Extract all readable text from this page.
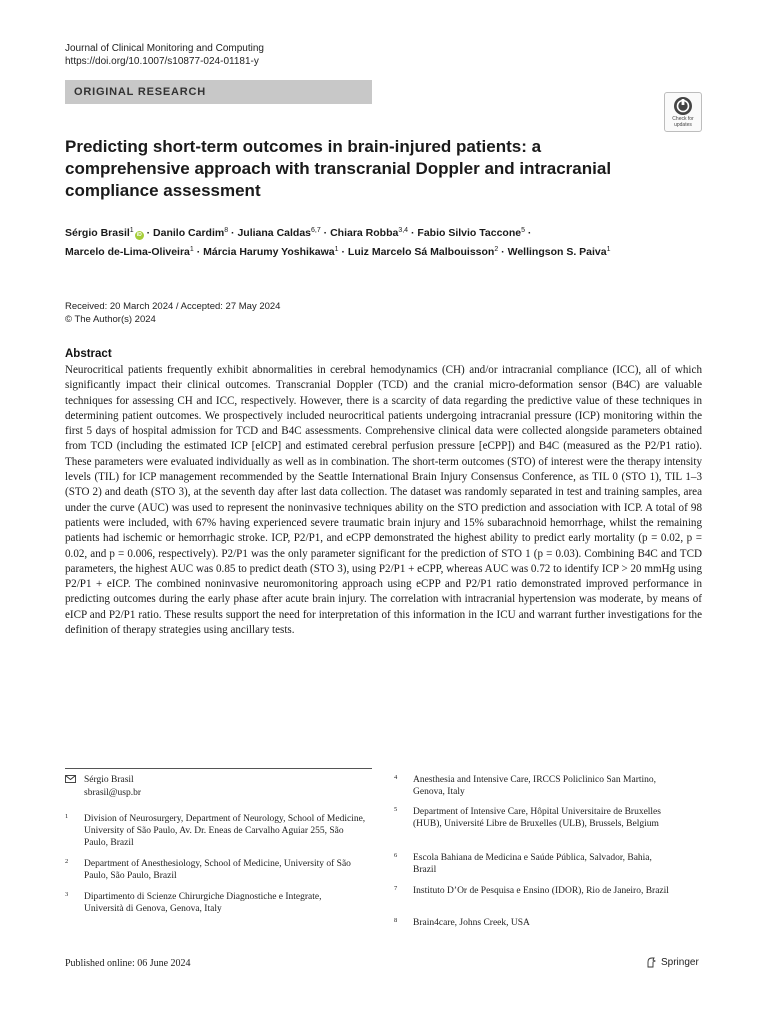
Journal of Clinical Monitoring and Computing
https://doi.org/10.1007/s10877-024-01181-y
ORIGINAL RESEARCH
Check for
updates
Predicting short-term outcomes in brain-injured patients: a comprehensive approach with transcranial Doppler and intracranial compliance assessment
Sérgio Brasil$^1$iD · Danilo Cardim$^8$ · Juliana Caldas$^{6,7}$ · Chiara Robba$^{3,4}$ · Fabio Silvio Taccone$^5$ ·
Marcelo de-Lima-Oliveira$^1$ · Márcia Harumy Yoshikawa$^1$ · Luiz Marcelo Sá Malbouisson$^2$ · Wellingson S. Paiva$^1$
Received: 20 March 2024 / Accepted: 27 May 2024
© The Author(s) 2024
Abstract

Neurocritical patients frequently exhibit abnormalities in cerebral hemodynamics (CH) and/or intracranial compliance (ICC), all of which significantly impact their clinical outcomes. Transcranial Doppler (TCD) and the cranial micro-deformation sensor (B4C) are valuable techniques for assessing CH and ICC, respectively. However, there is a scarcity of data regarding the predictive value of these techniques in determining patient outcomes. We prospectively included neurocritical patients undergoing intracranial pressure (ICP) monitoring within the first 5 days of hospital admission for TCD and B4C assessments. Comprehensive clinical data were collected alongside parameters obtained from TCD (including the estimated ICP [eICP] and estimated cerebral perfusion pressure [eCPP]) and B4C (measured as the P2/P1 ratio). These parameters were evaluated individually as well as in combination. The short-term outcomes (STO) of interest were the therapy intensity levels (TIL) for ICP management recommended by the Seattle International Brain Injury Consensus Conference, as TIL 0 (STO 1), TIL 1–3 (STO 2) and death (STO 3), at the seventh day after last data collection. The dataset was randomly separated in test and training samples, area under the curve (AUC) was used to represent the noninvasive techniques ability on the STO prediction and association with ICP. A total of 98 patients were included, with 67% having experienced severe traumatic brain injury and 15% subarachnoid hemorrhage, whilst the remaining patients had ischemic or hemorrhagic stroke. ICP, P2/P1, and eCPP demonstrated the highest ability to predict early mortality (p = 0.02, p = 0.02, and p = 0.006, respectively). P2/P1 was the only parameter significant for the prediction of STO 1 (p = 0.03). Combining B4C and TCD parameters, the highest AUC was 0.85 to predict death (STO 3), using P2/P1 + eCPP, whereas AUC was 0.72 to identify ICP > 20 mmHg using P2/P1 + eICP. The combined noninvasive neuromonitoring approach using eCPP and P2/P1 ratio demonstrated improved performance in predicting outcomes during the early phase after acute brain injury. The correlation with intracranial hypertension was moderate, by means of eICP and P2/P1 ratio. These results support the need for interpretation of this information in the ICU and warrant further investigations for the definition of therapy strategies using ancillary tests.

Sérgio Brasil
sbrasil@usp.br
1 Division of Neurosurgery, Department of Neurology, School of Medicine, University of São Paulo, Av. Dr. Eneas de Carvalho Aguiar 255, São Paulo, Brazil
2 Department of Anesthesiology, School of Medicine, University of São Paulo, São Paulo, Brazil
3 Dipartimento di Scienze Chirurgiche Diagnostiche e Integrate, Università di Genova, Genova, Italy
4 Anesthesia and Intensive Care, IRCCS Policlinico San Martino, Genova, Italy
5 Department of Intensive Care, Hôpital Universitaire de Bruxelles (HUB), Université Libre de Bruxelles (ULB), Brussels, Belgium
6 Escola Bahiana de Medicina e Saúde Pública, Salvador, Bahia, Brazil
7 Instituto D’Or de Pesquisa e Ensino (IDOR), Rio de Janeiro, Brazil
8 Brain4care, Johns Creek, USA
Published online: 06 June 2024	Springer
